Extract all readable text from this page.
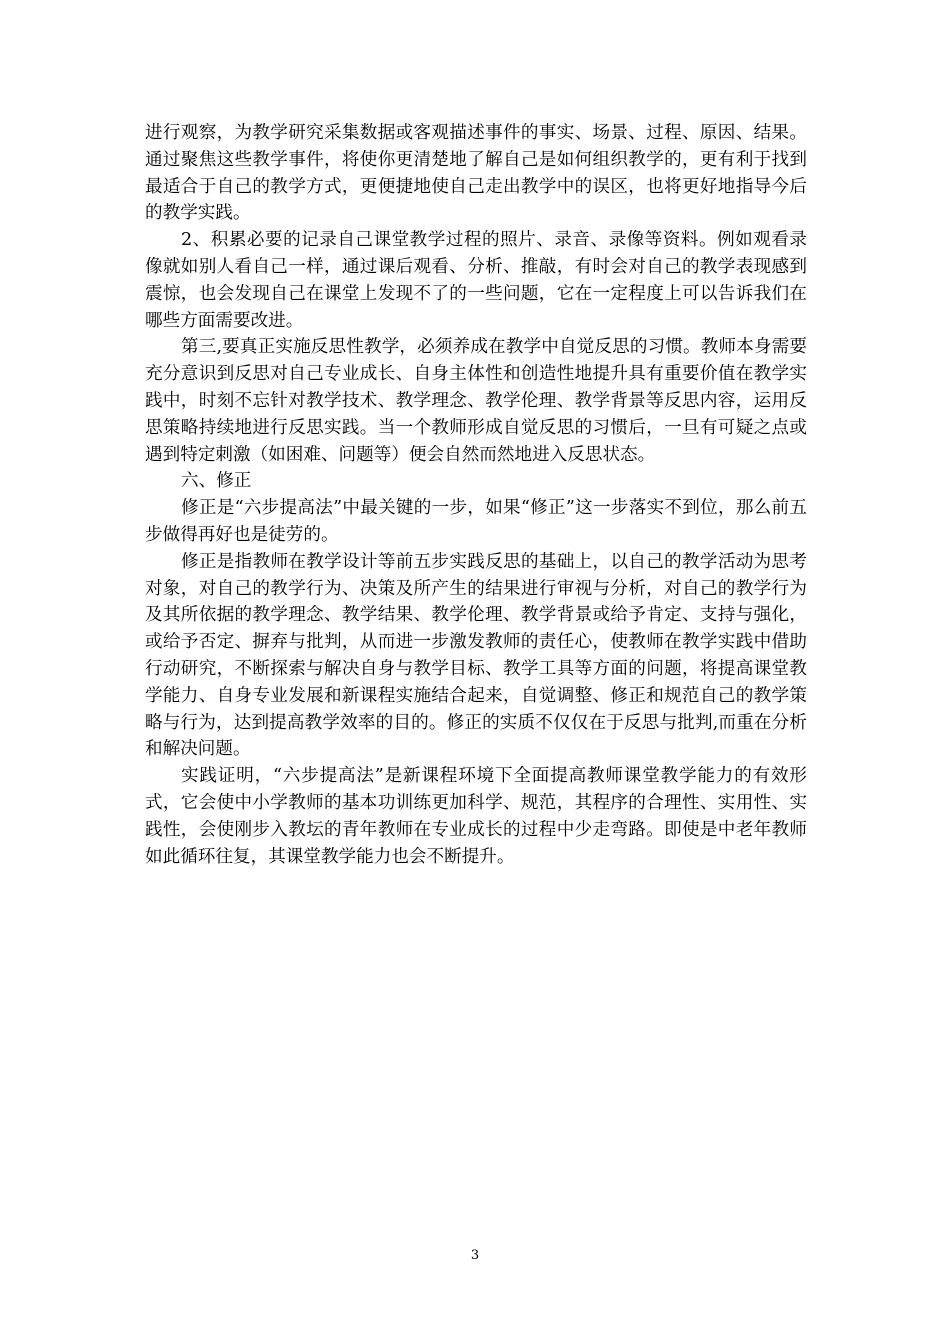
进行观察，为教学研究采集数据或客观描述事件的事实、场景、过程、原因、结果。通过聚焦这些教学事件，将使你更清楚地了解自己是如何组织教学的，更有利于找到最适合于自己的教学方式，更便捷地使自己走出教学中的误区，也将更好地指导今后的教学实践。

2、积累必要的记录自己课堂教学过程的照片、录音、录像等资料。例如观看录像就如别人看自己一样，通过课后观看、分析、推敲，有时会对自己的教学表现感到震惊，也会发现自己在课堂上发现不了的一些问题，它在一定程度上可以告诉我们在哪些方面需要改进。

第三,要真正实施反思性教学，必须养成在教学中自觉反思的习惯。教师本身需要充分意识到反思对自己专业成长、自身主体性和创造性地提升具有重要价值在教学实践中，时刻不忘针对教学技术、教学理念、教学伦理、教学背景等反思内容，运用反思策略持续地进行反思实践。当一个教师形成自觉反思的习惯后，一旦有可疑之点或遇到特定刺激（如困难、问题等）便会自然而然地进入反思状态。

六、修正

修正是“六步提高法”中最关键的一步，如果“修正”这一步落实不到位，那么前五步做得再好也是徒劳的。

修正是指教师在教学设计等前五步实践反思的基础上，以自己的教学活动为思考对象，对自己的教学行为、决策及所产生的结果进行审视与分析，对自己的教学行为及其所依据的教学理念、教学结果、教学伦理、教学背景或给予肯定、支持与强化，或给予否定、摒弃与批判，从而进一步激发教师的责任心，使教师在教学实践中借助行动研究，不断探索与解决自身与教学目标、教学工具等方面的问题，将提高课堂教学能力、自身专业发展和新课程实施结合起来，自觉调整、修正和规范自己的教学策略与行为，达到提高教学效率的目的。修正的实质不仅仅在于反思与批判,而重在分析和解决问题。

实践证明，“六步提高法”是新课程环境下全面提高教师课堂教学能力的有效形式，它会使中小学教师的基本功训练更加科学、规范，其程序的合理性、实用性、实践性，会使刚步入教坛的青年教师在专业成长的过程中少走弯路。即使是中老年教师如此循环往复，其课堂教学能力也会不断提升。

3
